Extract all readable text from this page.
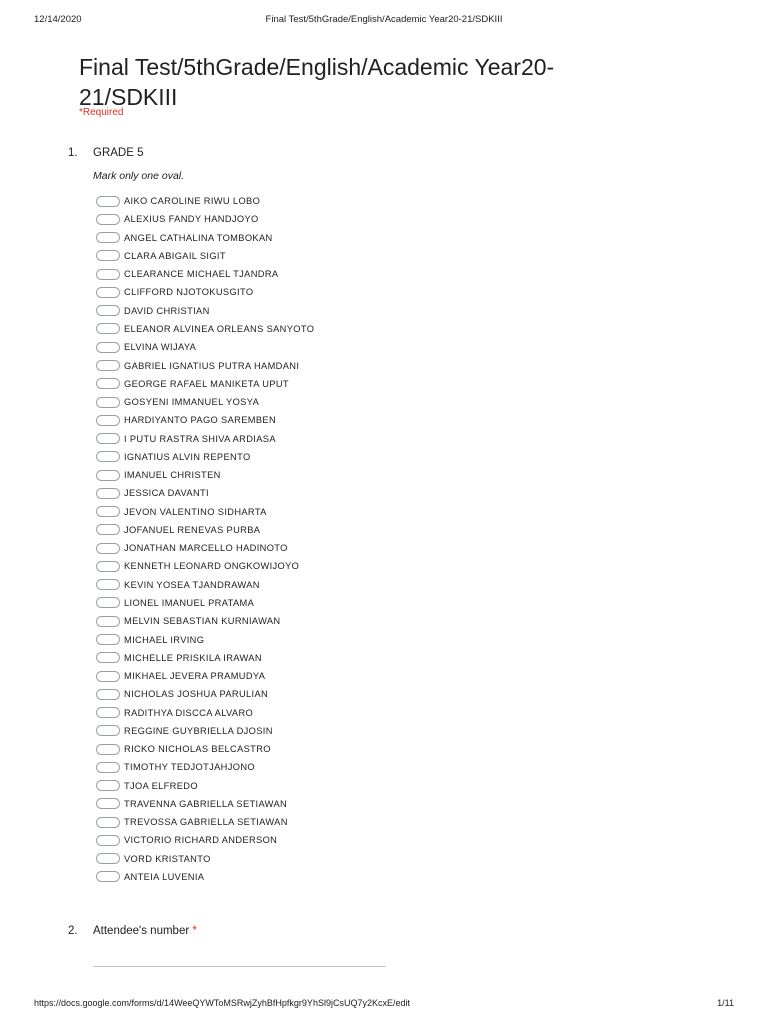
12/14/2020	Final Test/5thGrade/English/Academic Year20-21/SDKIII
Final Test/5thGrade/English/Academic Year20-21/SDKIII
*Required
1. GRADE 5
Mark only one oval.
AIKO CAROLINE RIWU LOBO
ALEXIUS FANDY HANDJOYO
ANGEL CATHALINA TOMBOKAN
CLARA ABIGAIL SIGIT
CLEARANCE MICHAEL TJANDRA
CLIFFORD NJOTOKUSGITO
DAVID CHRISTIAN
ELEANOR ALVINEA ORLEANS SANYOTO
ELVINA WIJAYA
GABRIEL IGNATIUS PUTRA HAMDANI
GEORGE RAFAEL MANIKETA UPUT
GOSYENI IMMANUEL YOSYA
HARDIYANTO PAGO SAREMBEN
I PUTU RASTRA SHIVA ARDIASA
IGNATIUS ALVIN REPENTO
IMANUEL CHRISTEN
JESSICA DAVANTI
JEVON VALENTINO SIDHARTA
JOFANUEL RENEVAS PURBA
JONATHAN MARCELLO HADINOTO
KENNETH LEONARD ONGKOWIJOYO
KEVIN YOSEA TJANDRAWAN
LIONEL IMANUEL PRATAMA
MELVIN SEBASTIAN KURNIAWAN
MICHAEL IRVING
MICHELLE PRISKILA IRAWAN
MIKHAEL JEVERA PRAMUDYA
NICHOLAS JOSHUA PARULIAN
RADITHYA DISCCA ALVARO
REGGINE GUYBRIELLA DJOSIN
RICKO NICHOLAS BELCASTRO
TIMOTHY TEDJOTJAHJONO
TJOA ELFREDO
TRAVENNA GABRIELLA SETIAWAN
TREVOSSA GABRIELLA SETIAWAN
VICTORIO RICHARD ANDERSON
VORD KRISTANTO
ANTEIA LUVENIA
2. Attendee's number *
https://docs.google.com/forms/d/14WeeQYWToMSRwjZyhBfHpfkgr9YhSl9jCsUQ7y2KcxE/edit	1/11
